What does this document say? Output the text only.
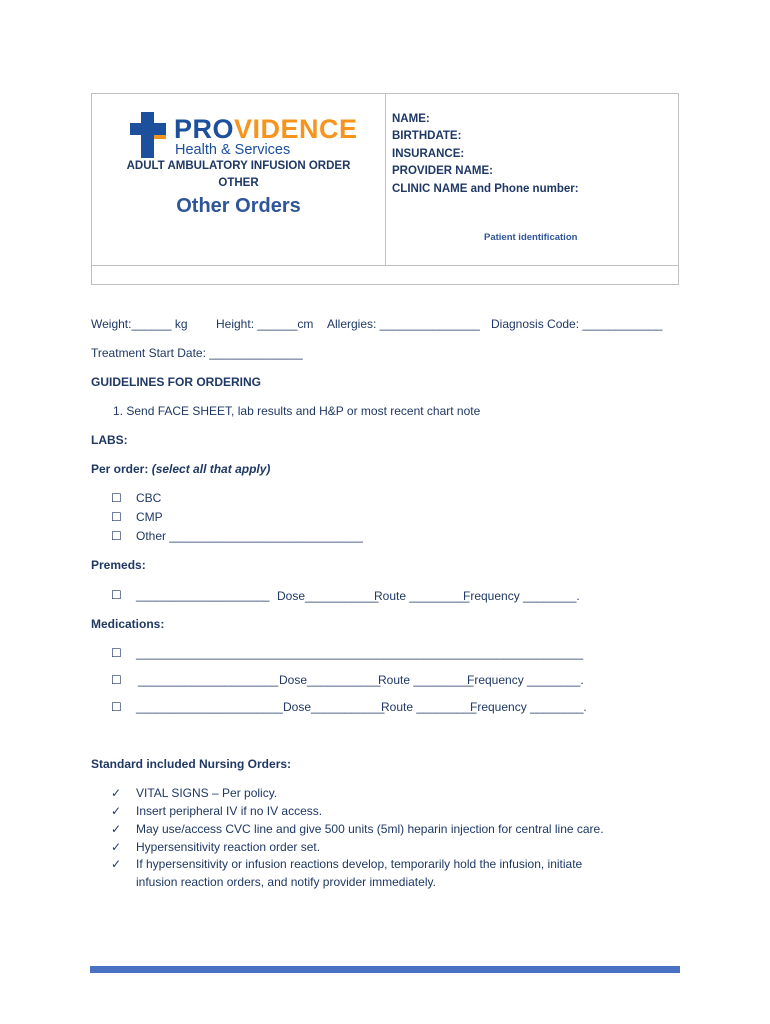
PROVIDENCE
Health & Services
ADULT AMBULATORY INFUSION ORDER
OTHER
Other Orders
NAME:
BIRTHDATE:
INSURANCE:
PROVIDER NAME:
CLINIC NAME and Phone number:
Patient identification
Weight:______ kg Height: ______cm Allergies: _______________ Diagnosis Code: ____________
Treatment Start Date: ______________
GUIDELINES FOR ORDERING
1. Send FACE SHEET, lab results and H&P or most recent chart note
LABS:
Per order: (select all that apply)
☐ CBC
☐ CMP
☐ Other _____________________________
Premeds:
☐ ____________________ Dose___________
Route _________
Frequency ________.
Medications:
☐ ___________________________________________________________________
☐ _____________________ Dose___________
Route _________
Frequency ________.
☐ ______________________ Dose___________
Route _________
Frequency ________.
Standard included Nursing Orders:
✓ VITAL SIGNS – Per policy.
✓ Insert peripheral IV if no IV access.
✓ May use/access CVC line and give 500 units (5ml) heparin injection for central line care.
✓ Hypersensitivity reaction order set.
✓ If hypersensitivity or infusion reactions develop, temporarily hold the infusion, initiate
infusion reaction orders, and notify provider immediately.
